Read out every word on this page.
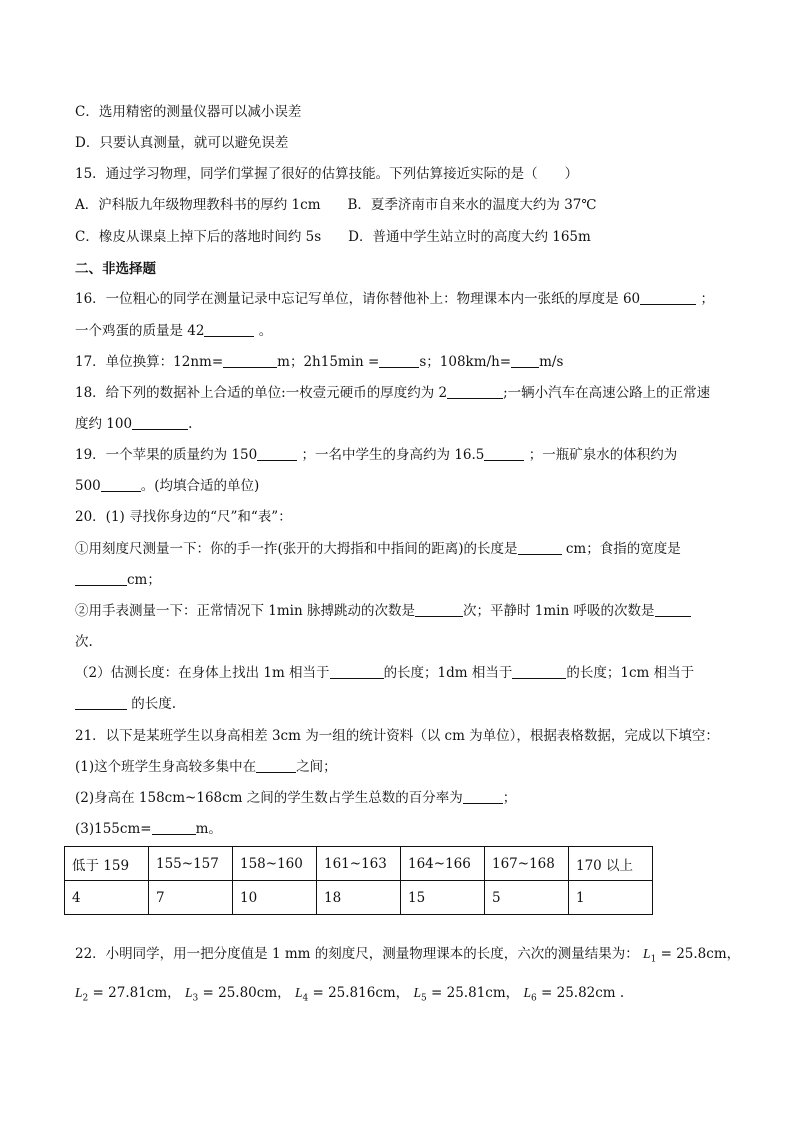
C．选用精密的测量仪器可以减小误差
D．只要认真测量，就可以避免误差
15．通过学习物理，同学们掌握了很好的估算技能。下列估算接近实际的是（　　）
A．沪科版九年级物理教科书的厚约 1cm　　B．夏季济南市自来水的温度大约为 37℃
C．橡皮从课桌上掉下后的落地时间约 5s　　D．普通中学生站立时的高度大约 165m
二、非选择题
16．一位粗心的同学在测量记录中忘记写单位，请你替他补上：物理课本内一张纸的厚度是 60	；
一个鸡蛋的质量是 42	。
17．单位换算：12nm=	m；2h15min =	s；108km/h= m/s
18．给下列的数据补上合适的单位:一枚壹元硬币的厚度约为 2	;一辆小汽车在高速公路上的正常速
度约 100	.
19．一个苹果的质量约为 150	；一名中学生的身高约为 16.5	；一瓶矿泉水的体积约为
500	。(均填合适的单位)
20．(1) 寻找你身边的“尺”和“表”：
①用刻度尺测量一下：你的手一拃(张开的大拇指和中指间的距离)的长度是	cm；食指的宽度是
cm；
②用手表测量一下：正常情况下 1min 脉搏跳动的次数是	次；平静时 1min 呼吸的次数是
次.
（2）估测长度：在身体上找出 1m 相当于	的长度；1dm 相当于	的长度；1cm 相当于
的长度.
21．以下是某班学生以身高相差 3cm 为一组的统计资料（以 cm 为单位），根据表格数据，完成以下填空：
(1)这个班学生身高较多集中在	之间；
(2)身高在 158cm~168cm 之间的学生数占学生总数的百分率为	；
(3)155cm=	m。
低于 159	155~157	158~160	161~163	164~166	167~168	170 以上
4	7	10	18	15	5	1
22．小明同学，用一把分度值是 1 mm 的刻度尺，测量物理课本的长度，六次的测量结果为： $L_1 = 25.8cm$，
$L_2 = 27.81cm$， $L_3 = 25.80cm$， $L_4 = 25.816cm$， $L_5 = 25.81cm$， $L_6 = 25.82cm$ .
